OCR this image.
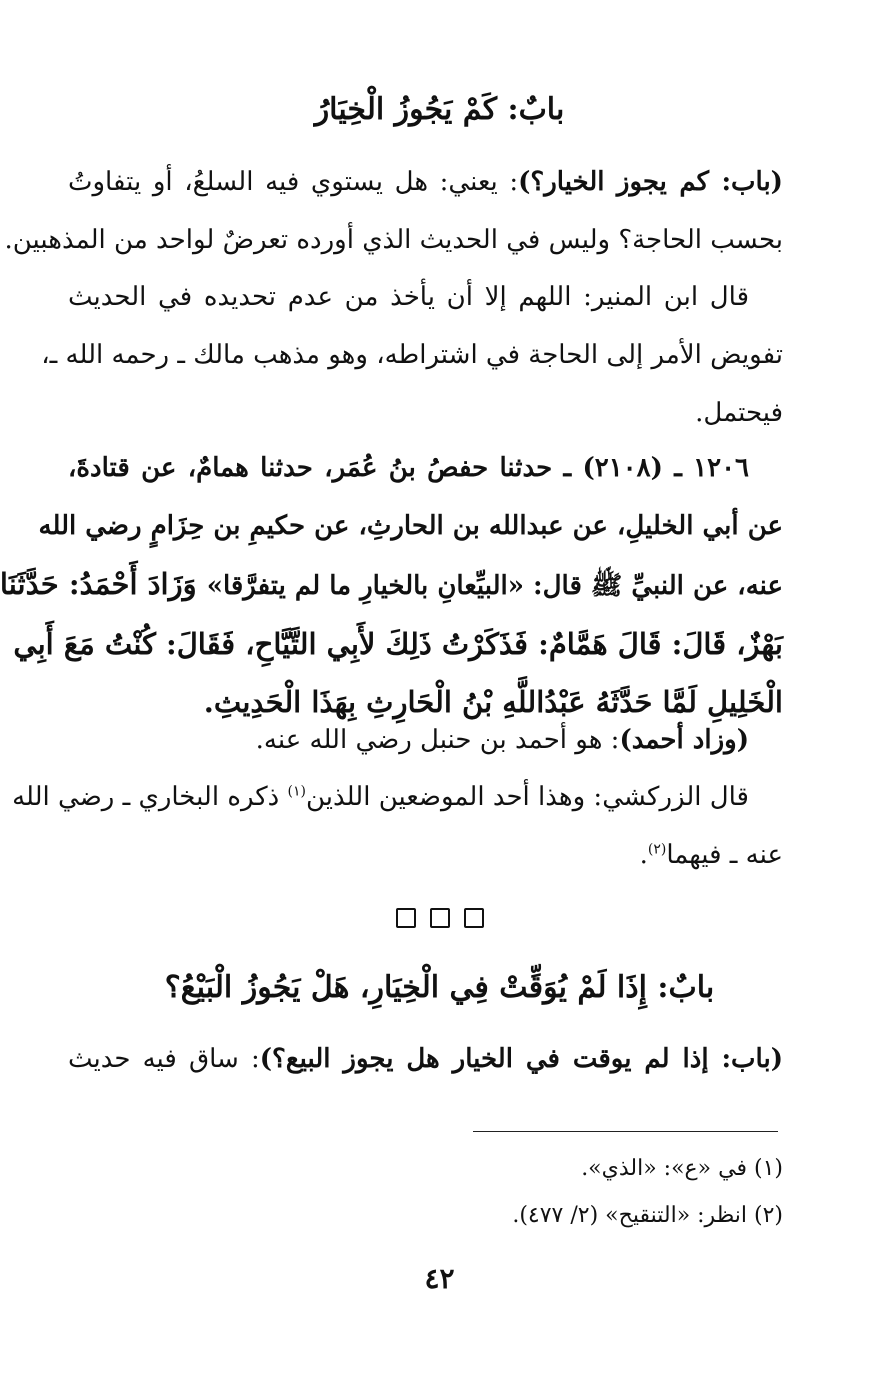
بابٌ: كَمْ يَجُوزُ الْخِيَارُ
(باب: كم يجوز الخيار؟): يعني: هل يستوي فيه السلعُ، أو يتفاوتُ
بحسب الحاجة؟ وليس في الحديث الذي أورده تعرضٌ لواحد من المذهبين.
قال ابن المنير: اللهم إلا أن يأخذ من عدم تحديده في الحديث
تفويض الأمر إلى الحاجة في اشتراطه، وهو مذهب مالك ـ رحمه الله ـ،
فيحتمل.
١٢٠٦ ـ (٢١٠٨) ـ حدثنا حفصُ بنُ عُمَر، حدثنا همامٌ، عن قتادةَ،
عن أبي الخليلِ، عن عبدالله بن الحارثِ، عن حكيمِ بن حِزَامٍ رضي الله
عنه، عن النبيِّ ﷺ قال: «البيِّعانِ بالخيارِ ما لم يتفرَّقا» وَزَادَ أَحْمَدُ: حَدَّثَنَا
بَهْزٌ، قَالَ: قَالَ هَمَّامٌ: فَذَكَرْتُ ذَلِكَ لأَبِي التَّيَّاحِ، فَقَالَ: كُنْتُ مَعَ أَبِي
الْخَلِيلِ لَمَّا حَدَّثَهُ عَبْدُاللَّهِ بْنُ الْحَارِثِ بِهَذَا الْحَدِيثِ.
(وزاد أحمد): هو أحمد بن حنبل رضي الله عنه.
قال الزركشي: وهذا أحد الموضعين اللذين$^{(١)}$ ذكره البخاري ـ رضي الله
عنه ـ فيهما$^{(٢)}$.
بابٌ: إِذَا لَمْ يُوَقِّتْ فِي الْخِيَارِ، هَلْ يَجُوزُ الْبَيْعُ؟
(باب: إذا لم يوقت في الخيار هل يجوز البيع؟): ساق فيه حديث
(١) في «ع»: «الذي».
(٢) انظر: «التنقيح» (٢/ ٤٧٧).
٤٢
